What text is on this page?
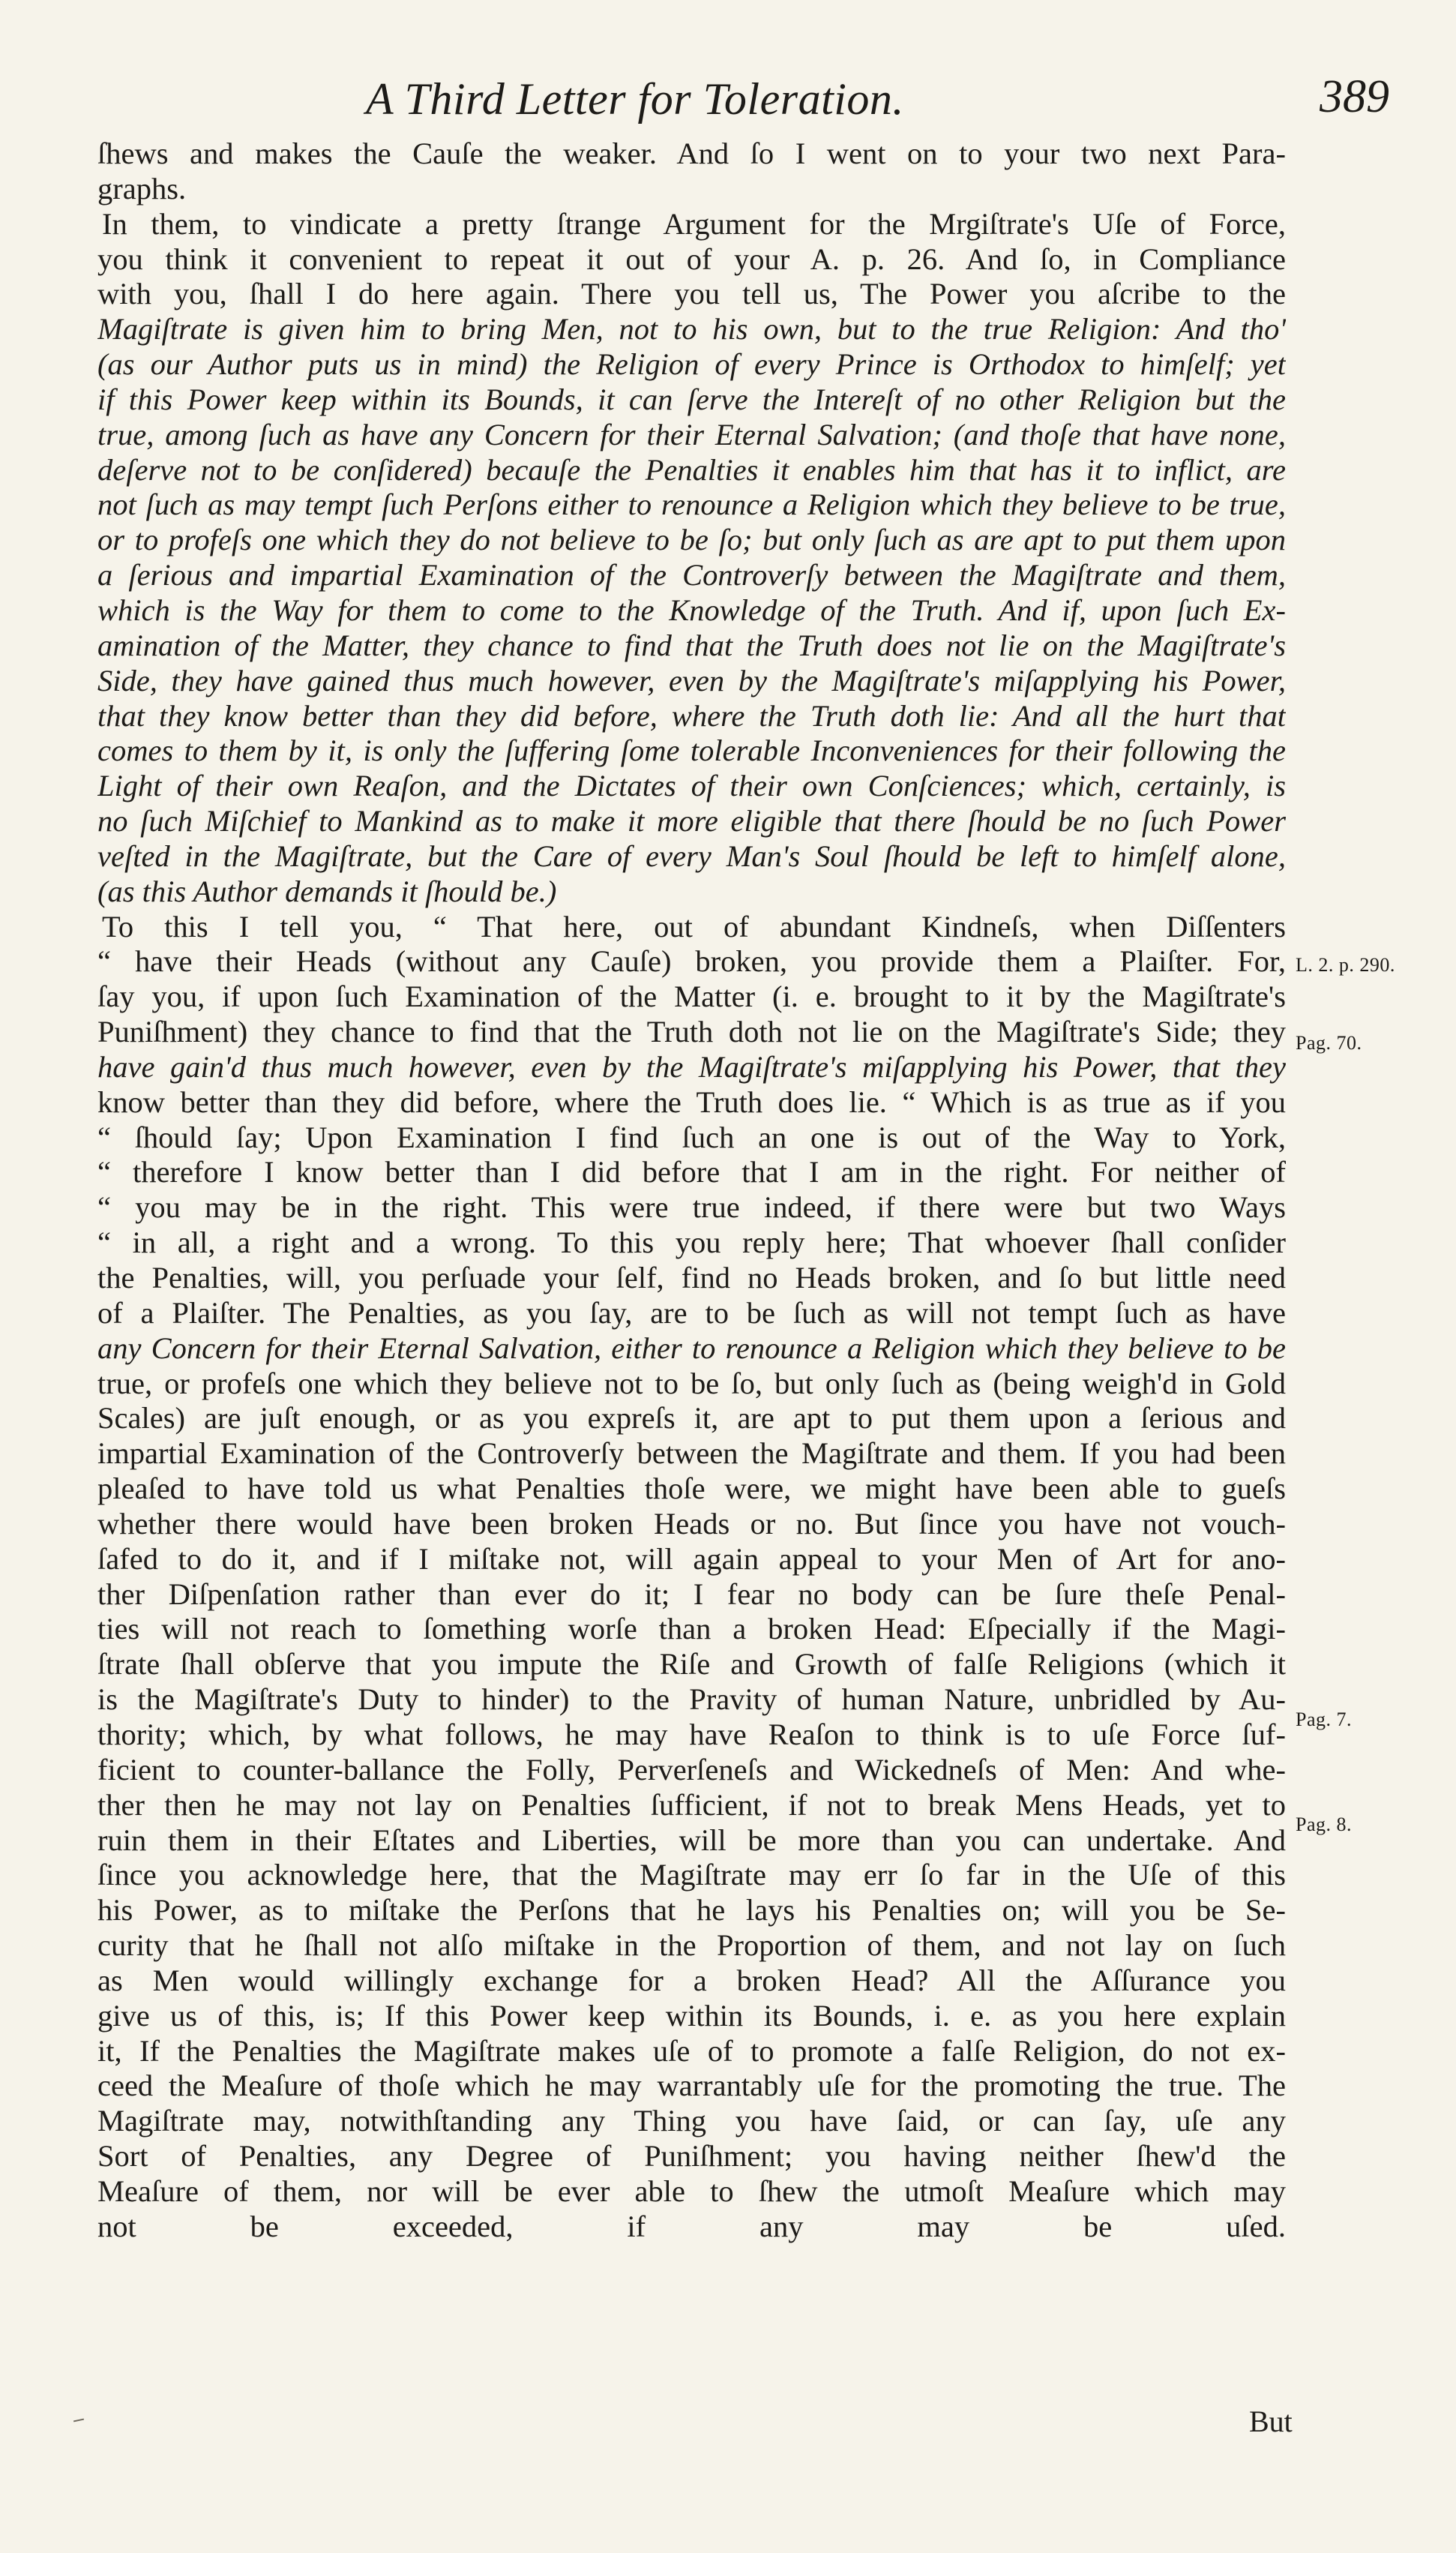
A Third Letter for Toleration.	389
ſhews and makes the Cauſe the weaker. And ſo I went on to your two next Para-
graphs.
In them, to vindicate a pretty ſtrange Argument for the Mrgiſtrate's Uſe of Force,
you think it convenient to repeat it out of your A. p. 26. And ſo, in Compliance
with you, ſhall I do here again. There you tell us, The Power you aſcribe to the
Magiſtrate is given him to bring Men, not to his own, but to the true Religion: And tho'
(as our Author puts us in mind) the Religion of every Prince is Orthodox to himſelf; yet
if this Power keep within its Bounds, it can ſerve the Intereſt of no other Religion but the
true, among ſuch as have any Concern for their Eternal Salvation; (and thoſe that have none,
deſerve not to be conſidered) becauſe the Penalties it enables him that has it to inflict, are
not ſuch as may tempt ſuch Perſons either to renounce a Religion which they believe to be true,
or to profeſs one which they do not believe to be ſo; but only ſuch as are apt to put them upon
a ſerious and impartial Examination of the Controverſy between the Magiſtrate and them,
which is the Way for them to come to the Knowledge of the Truth. And if, upon ſuch Ex-
amination of the Matter, they chance to find that the Truth does not lie on the Magiſtrate's
Side, they have gained thus much however, even by the Magiſtrate's miſapplying his Power,
that they know better than they did before, where the Truth doth lie: And all the hurt that
comes to them by it, is only the ſuffering ſome tolerable Inconveniences for their following the
Light of their own Reaſon, and the Dictates of their own Conſciences; which, certainly, is
no ſuch Miſchief to Mankind as to make it more eligible that there ſhould be no ſuch Power
veſted in the Magiſtrate, but the Care of every Man's Soul ſhould be left to himſelf alone,
(as this Author demands it ſhould be.)
To this I tell you, “ That here, out of abundant Kindneſs, when Diſſenters
“ have their Heads (without any Cauſe) broken, you provide them a Plaiſter. For,
ſay you, if upon ſuch Examination of the Matter (i. e. brought to it by the Magiſtrate's
Puniſhment) they chance to find that the Truth doth not lie on the Magiſtrate's Side; they
have gain'd thus much however, even by the Magiſtrate's miſapplying his Power, that they
know better than they did before, where the Truth does lie. “ Which is as true as if you
“ ſhould ſay; Upon Examination I find ſuch an one is out of the Way to York,
“ therefore I know better than I did before that I am in the right. For neither of
“ you may be in the right. This were true indeed, if there were but two Ways
“ in all, a right and a wrong. To this you reply here; That whoever ſhall conſider
the Penalties, will, you perſuade your ſelf, find no Heads broken, and ſo but little need
of a Plaiſter. The Penalties, as you ſay, are to be ſuch as will not tempt ſuch as have
any Concern for their Eternal Salvation, either to renounce a Religion which they believe to be
true, or profeſs one which they believe not to be ſo, but only ſuch as (being weigh'd in Gold
Scales) are juſt enough, or as you expreſs it, are apt to put them upon a ſerious and
impartial Examination of the Controverſy between the Magiſtrate and them. If you had been
pleaſed to have told us what Penalties thoſe were, we might have been able to gueſs
whether there would have been broken Heads or no. But ſince you have not vouch-
ſafed to do it, and if I miſtake not, will again appeal to your Men of Art for ano-
ther Diſpenſation rather than ever do it; I fear no body can be ſure theſe Penal-
ties will not reach to ſomething worſe than a broken Head: Eſpecially if the Magi-
ſtrate ſhall obſerve that you impute the Riſe and Growth of falſe Religions (which it
is the Magiſtrate's Duty to hinder) to the Pravity of human Nature, unbridled by Au-
thority; which, by what follows, he may have Reaſon to think is to uſe Force ſuf-
ficient to counter-ballance the Folly, Perverſeneſs and Wickedneſs of Men: And whe-
ther then he may not lay on Penalties ſufficient, if not to break Mens Heads, yet to
ruin them in their Eſtates and Liberties, will be more than you can undertake. And
ſince you acknowledge here, that the Magiſtrate may err ſo far in the Uſe of this
his Power, as to miſtake the Perſons that he lays his Penalties on; will you be Se-
curity that he ſhall not alſo miſtake in the Proportion of them, and not lay on ſuch
as Men would willingly exchange for a broken Head? All the Aſſurance you
give us of this, is; If this Power keep within its Bounds, i. e. as you here explain
it, If the Penalties the Magiſtrate makes uſe of to promote a falſe Religion, do not ex-
ceed the Meaſure of thoſe which he may warrantably uſe for the promoting the true. The
Magiſtrate may, notwithſtanding any Thing you have ſaid, or can ſay, uſe any
Sort of Penalties, any Degree of Puniſhment; you having neither ſhew'd the
Meaſure of them, nor will be ever able to ſhew the utmoſt Meaſure which may
not be exceeded, if any may be uſed.
L. 2. p. 290.
Pag. 70.
Pag. 7.
Pag. 8.
But
